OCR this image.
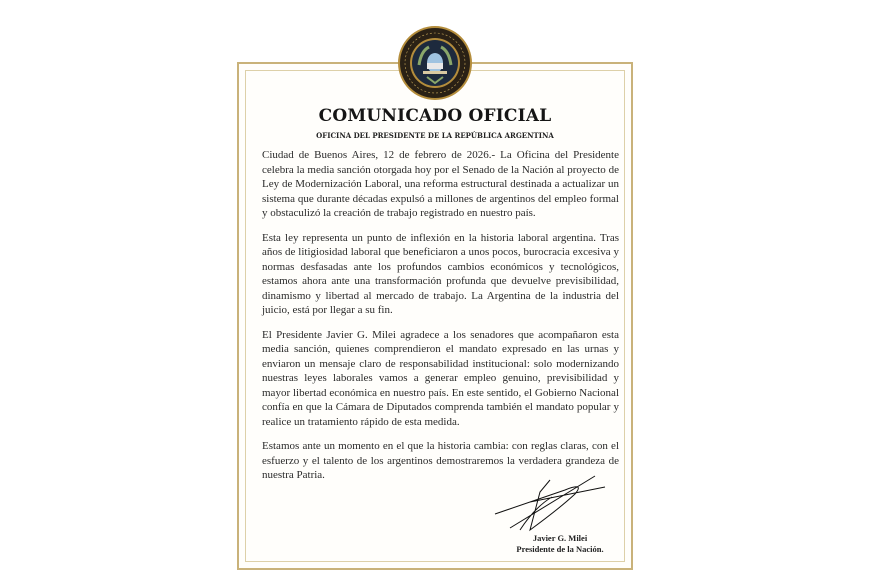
COMUNICADO OFICIAL
OFICINA DEL PRESIDENTE DE LA REPÚBLICA ARGENTINA

Ciudad de Buenos Aires, 12 de febrero de 2026.- La Oficina del Presidente celebra la media sanción otorgada hoy por el Senado de la Nación al proyecto de Ley de Modernización Laboral, una reforma estructural destinada a actualizar un sistema que durante décadas expulsó a millones de argentinos del empleo formal y obstaculizó la creación de trabajo registrado en nuestro país.

Esta ley representa un punto de inflexión en la historia laboral argentina. Tras años de litigiosidad laboral que beneficiaron a unos pocos, burocracia excesiva y normas desfasadas ante los profundos cambios económicos y tecnológicos, estamos ahora ante una transformación profunda que devuelve previsibilidad, dinamismo y libertad al mercado de trabajo. La Argentina de la industria del juicio, está por llegar a su fin.

El Presidente Javier G. Milei agradece a los senadores que acompañaron esta media sanción, quienes comprendieron el mandato expresado en las urnas y enviaron un mensaje claro de responsabilidad institucional: solo modernizando nuestras leyes laborales vamos a generar empleo genuino, previsibilidad y mayor libertad económica en nuestro país. En este sentido, el Gobierno Nacional confía en que la Cámara de Diputados comprenda también el mandato popular y realice un tratamiento rápido de esta medida.

Estamos ante un momento en el que la historia cambia: con reglas claras, con el esfuerzo y el talento de los argentinos demostraremos la verdadera grandeza de nuestra Patria.

Javier G. Milei
Presidente de la Nación.
